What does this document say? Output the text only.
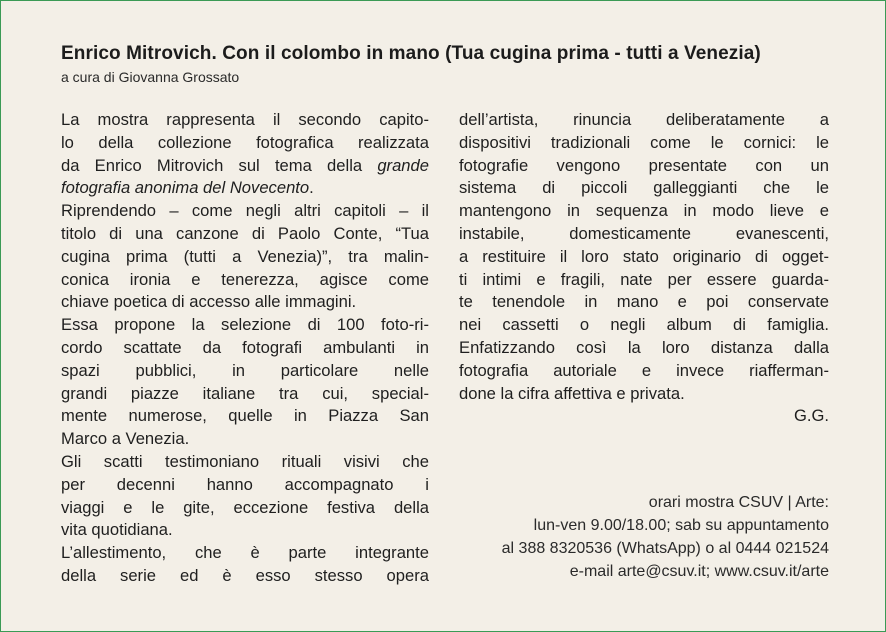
Enrico Mitrovich. Con il colombo in mano (Tua cugina prima - tutti a Venezia)
a cura di Giovanna Grossato
La mostra rappresenta il secondo capito-
lo della collezione fotografica realizzata
da Enrico Mitrovich sul tema della grande
fotografia anonima del Novecento.
Riprendendo – come negli altri capitoli – il
titolo di una canzone di Paolo Conte, “Tua
cugina prima (tutti a Venezia)”, tra malin-
conica ironia e tenerezza, agisce come
chiave poetica di accesso alle immagini.
Essa propone la selezione di 100 foto-ri-
cordo scattate da fotografi ambulanti in
spazi pubblici, in particolare nelle
grandi piazze italiane tra cui, special-
mente numerose, quelle in Piazza San
Marco a Venezia.
Gli scatti testimoniano rituali visivi che
per decenni hanno accompagnato i
viaggi e le gite, eccezione festiva della
vita quotidiana.
L’allestimento, che è parte integrante
della serie ed è esso stesso opera
dell’artista, rinuncia deliberatamente a
dispositivi tradizionali come le cornici: le
fotografie vengono presentate con un
sistema di piccoli galleggianti che le
mantengono in sequenza in modo lieve e
instabile, domesticamente evanescenti,
a restituire il loro stato originario di ogget-
ti intimi e fragili, nate per essere guarda-
te tenendole in mano e poi conservate
nei cassetti o negli album di famiglia.
Enfatizzando così la loro distanza dalla
fotografia autoriale e invece riafferman-
done la cifra affettiva e privata.
G.G.
orari mostra CSUV | Arte:
lun-ven 9.00/18.00; sab su appuntamento
al 388 8320536 (WhatsApp) o al 0444 021524
e-mail arte@csuv.it; www.csuv.it/arte
